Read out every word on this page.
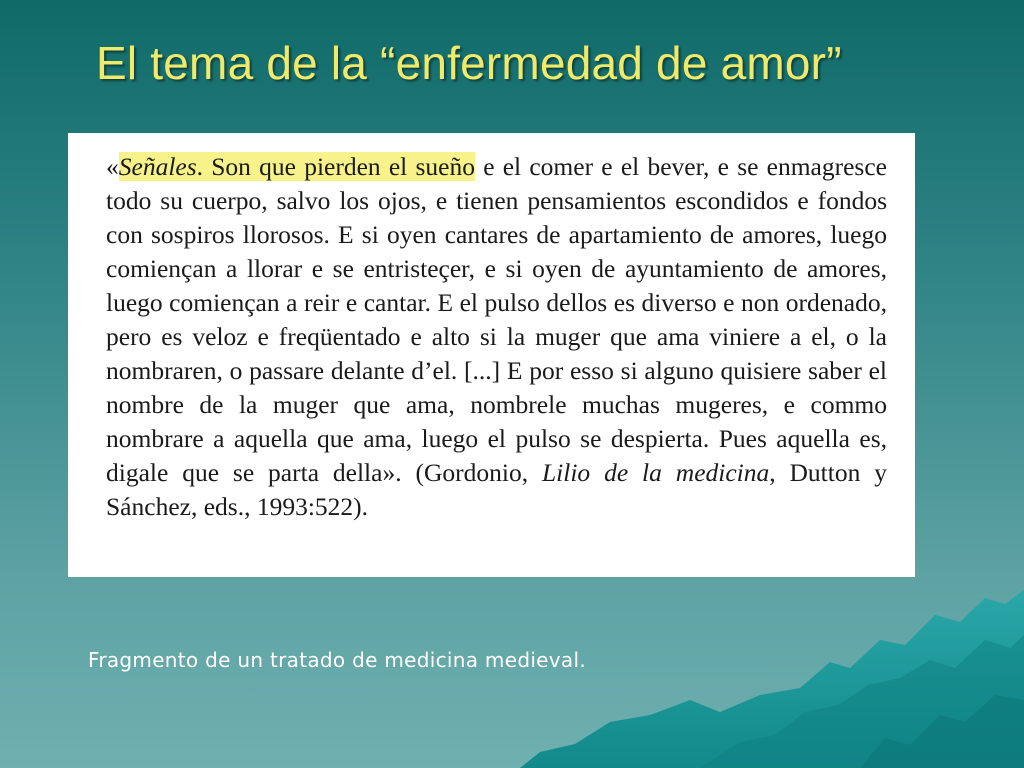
El tema de la “enfermedad de amor”
«Señales. Son que pierden el sueño e el comer e el bever, e se enmagresce todo su cuerpo, salvo los ojos, e tienen pensamientos escondidos e fondos con sospiros llorosos. E si oyen cantares de apartamiento de amores, luego comiençan a llorar e se entristeçer, e si oyen de ayuntamiento de amores, luego comiençan a reir e cantar. E el pulso dellos es diverso e non ordenado, pero es veloz e freqüentado e alto si la muger que ama viniere a el, o la nombraren, o passare delante d’el. [...] E por esso si alguno quisiere saber el nombre de la muger que ama, nombrele muchas mugeres, e commo nombrare a aquella que ama, luego el pulso se despierta. Pues aquella es, digale que se parta della». (Gordonio, Lilio de la medicina, Dutton y Sánchez, eds., 1993:522).
Fragmento de un tratado de medicina medieval.
